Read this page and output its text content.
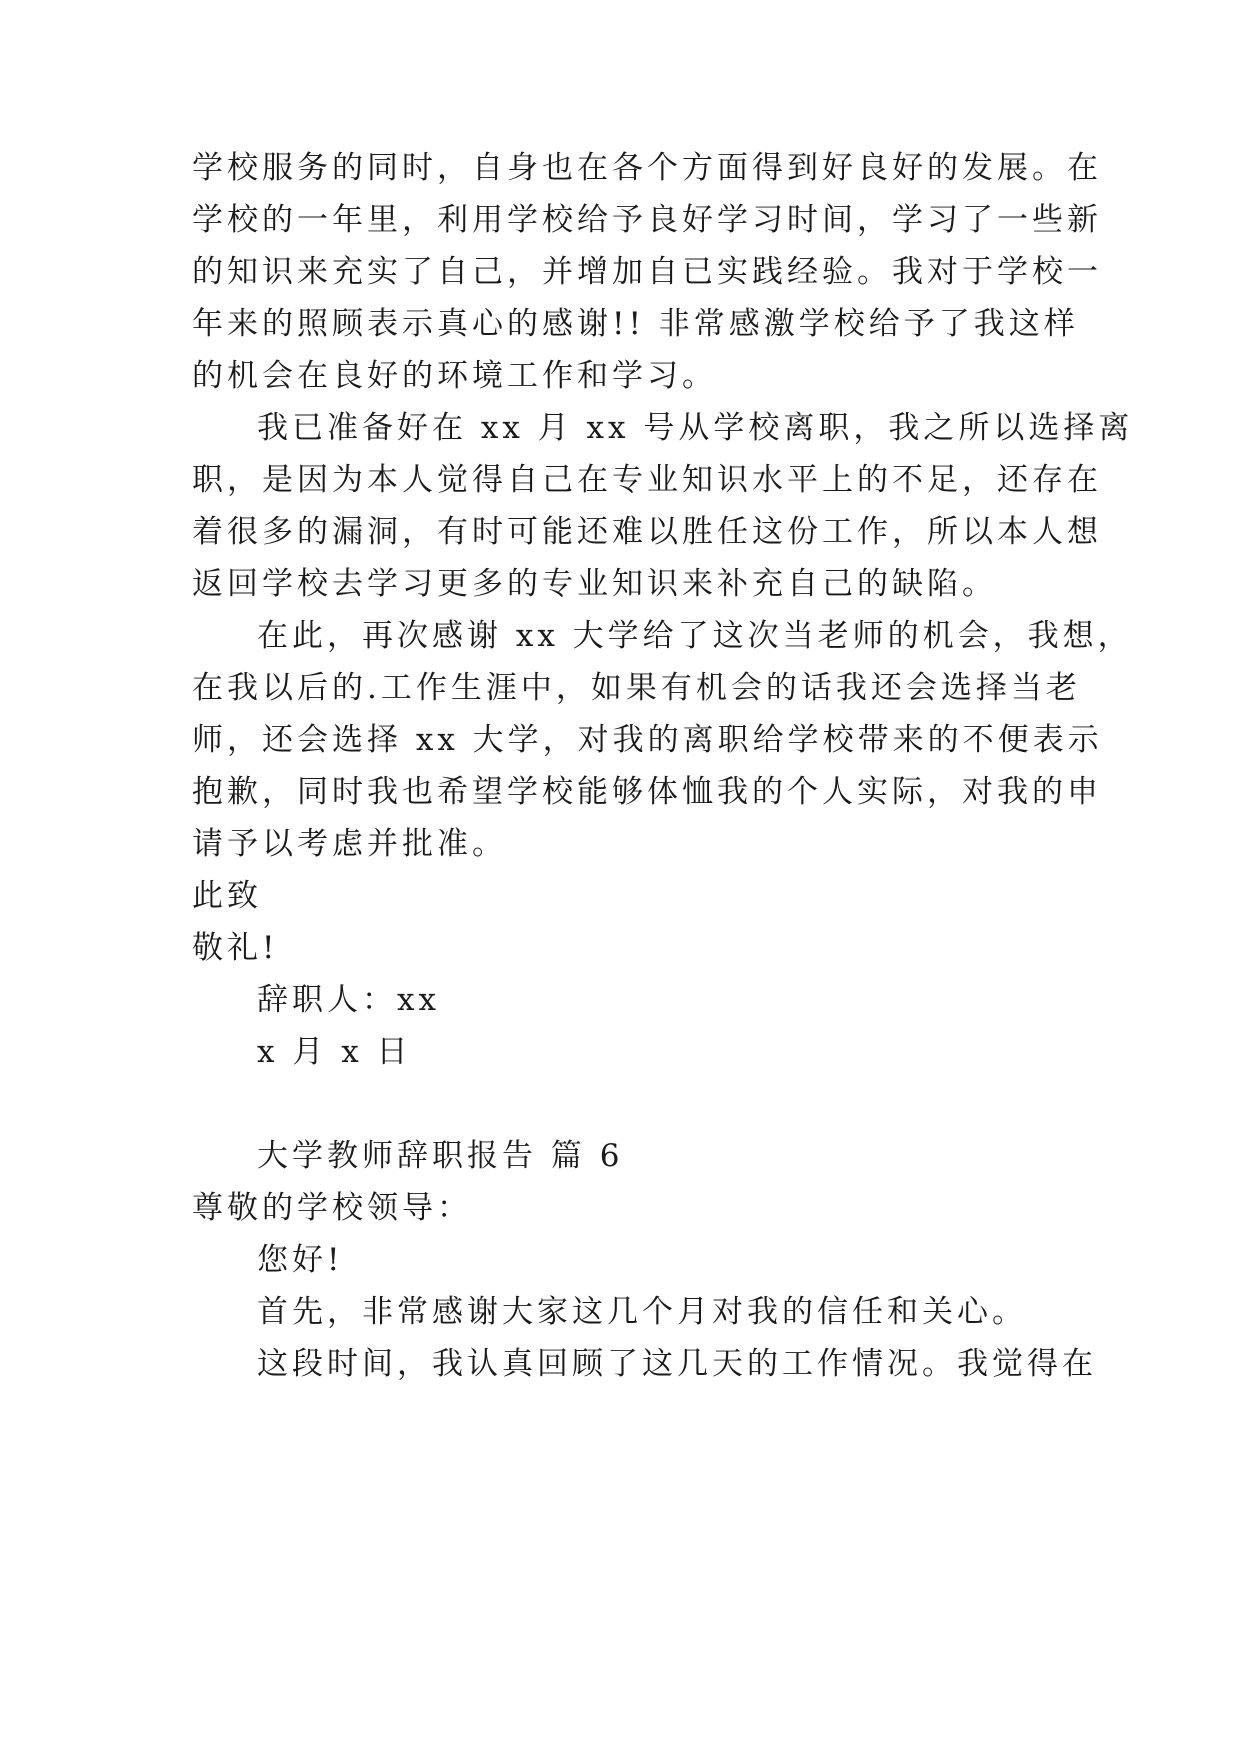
学校服务的同时，自身也在各个方面得到好良好的发展。在
学校的一年里，利用学校给予良好学习时间，学习了一些新
的知识来充实了自己，并增加自已实践经验。我对于学校一
年来的照顾表示真心的感谢!! 非常感激学校给予了我这样
的机会在良好的环境工作和学习。
我已准备好在 xx 月 xx 号从学校离职，我之所以选择离
职，是因为本人觉得自己在专业知识水平上的不足，还存在
着很多的漏洞，有时可能还难以胜任这份工作，所以本人想
返回学校去学习更多的专业知识来补充自己的缺陷。
在此，再次感谢 xx 大学给了这次当老师的机会，我想，
在我以后的.工作生涯中，如果有机会的话我还会选择当老
师，还会选择 xx 大学，对我的离职给学校带来的不便表示
抱歉，同时我也希望学校能够体恤我的个人实际，对我的申
请予以考虑并批准。
此致
敬礼!
辞职人：xx
x 月 x 日
大学教师辞职报告 篇 6
尊敬的学校领导：
您好!
首先，非常感谢大家这几个月对我的信任和关心。
这段时间，我认真回顾了这几天的工作情况。我觉得在
